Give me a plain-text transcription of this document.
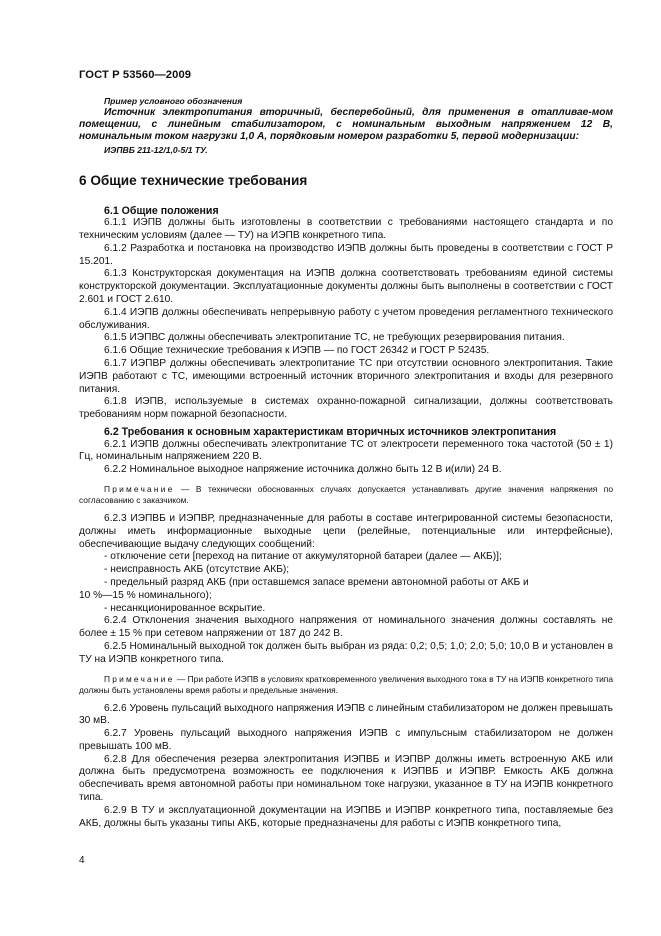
ГОСТ Р 53560—2009

Пример условного обозначения

Источник электропитания вторичный, бесперебойный, для применения в отапливае-мом помещении, с линейным стабилизатором, с номинальным выходным напряжением 12 В, номинальным током нагрузки 1,0 А, порядковым номером разработки 5, первой модернизации:

ИЭПВБ 211-12/1,0-5/1 ТУ.

6 Общие технические требования
6.1 Общие положения

6.1.1 ИЭПВ должны быть изготовлены в соответствии с требованиями настоящего стандарта и по техническим условиям (далее — ТУ) на ИЭПВ конкретного типа.

6.1.2 Разработка и постановка на производство ИЭПВ должны быть проведены в соответствии с ГОСТ Р 15.201.

6.1.3 Конструкторская документация на ИЭПВ должна соответствовать требованиям единой системы конструкторской документации. Эксплуатационные документы должны быть выполнены в соответствии с ГОСТ 2.601 и ГОСТ 2.610.

6.1.4 ИЭПВ должны обеспечивать непрерывную работу с учетом проведения регламентного технического обслуживания.

6.1.5 ИЭПВС должны обеспечивать электропитание ТС, не требующих резервирования питания.

6.1.6 Общие технические требования к ИЭПВ — по ГОСТ 26342 и ГОСТ Р 52435.

6.1.7 ИЭПВР должны обеспечивать электропитание ТС при отсутствии основного электропитания. Такие ИЭПВ работают с ТС, имеющими встроенный источник вторичного электропитания и входы для резервного питания.

6.1.8 ИЭПВ, используемые в системах охранно-пожарной сигнализации, должны соответствовать требованиям норм пожарной безопасности.

6.2 Требования к основным характеристикам вторичных источников электропитания

6.2.1 ИЭПВ должны обеспечивать электропитание ТС от электросети переменного тока частотой (50 ± 1) Гц, номинальным напряжением 220 В.

6.2.2 Номинальное выходное напряжение источника должно быть 12 В и(или) 24 В.

Примечание — В технически обоснованных случаях допускается устанавливать другие значения напряжения по согласованию с заказчиком.

6.2.3 ИЭПВБ и ИЭПВР, предназначенные для работы в составе интегрированной системы безопасности, должны иметь информационные выходные цепи (релейные, потенциальные или интерфейсные), обеспечивающие выдачу следующих сообщений:

- отключение сети [переход на питание от аккумуляторной батареи (далее — АКБ)];

- неисправность АКБ (отсутствие АКБ);

- предельный разряд АКБ (при оставшемся запасе времени автономной работы от АКБ и

10 %—15 % номинального);

- несанкционированное вскрытие.

6.2.4 Отклонения значения выходного напряжения от номинального значения должны составлять не более ± 15 % при сетевом напряжении от 187 до 242 В.

6.2.5 Номинальный выходной ток должен быть выбран из ряда: 0,2; 0,5; 1,0; 2,0; 5,0; 10,0 В и установлен в ТУ на ИЭПВ конкретного типа.

Примечание — При работе ИЭПВ в условиях кратковременного увеличения выходного тока в ТУ на ИЭПВ конкретного типа должны быть установлены время работы и предельные значения.

6.2.6 Уровень пульсаций выходного напряжения ИЭПВ с линейным стабилизатором не должен превышать 30 мВ.

6.2.7 Уровень пульсаций выходного напряжения ИЭПВ с импульсным стабилизатором не должен превышать 100 мВ.

6.2.8 Для обеспечения резерва электропитания ИЭПВБ и ИЭПВР должны иметь встроенную АКБ или должна быть предусмотрена возможность ее подключения к ИЭПВБ и ИЭПВР. Емкость АКБ должна обеспечивать время автономной работы при номинальном токе нагрузки, указанное в ТУ на ИЭПВ конкретного типа.

6.2.9 В ТУ и эксплуатационной документации на ИЭПВБ и ИЭПВР конкретного типа, поставляемые без АКБ, должны быть указаны типы АКБ, которые предназначены для работы с ИЭПВ конкретного типа,

4
